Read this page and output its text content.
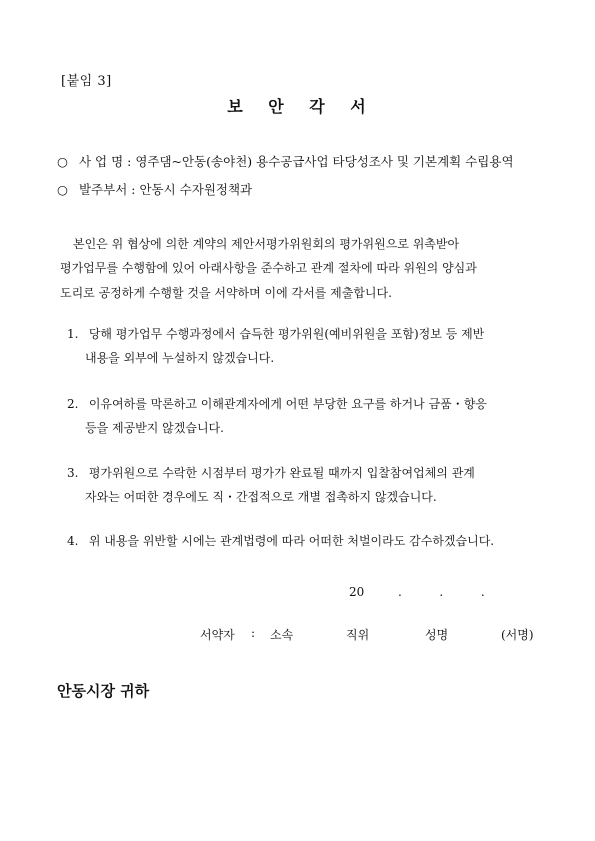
[붙임 3]
보 안 각 서
○ 사 업 명 : 영주댐~안동(송야천) 용수공급사업 타당성조사 및 기본계획 수립용역
○ 발주부서 : 안동시 수자원정책과
본인은 위 협상에 의한 계약의 제안서평가위원회의 평가위원으로 위촉받아
평가업무를 수행함에 있어 아래사항을 준수하고 관계 절차에 따라 위원의 양심과
도리로 공정하게 수행할 것을 서약하며 이에 각서를 제출합니다.
1. 당해 평가업무 수행과정에서 습득한 평가위원(예비위원을 포함)정보 등 제반
내용을 외부에 누설하지 않겠습니다.
2. 이유여하를 막론하고 이해관계자에게 어떤 부당한 요구를 하거나 금품・향응
등을 제공받지 않겠습니다.
3. 평가위원으로 수락한 시점부터 평가가 완료될 때까지 입찰참여업체의 관계
자와는 어떠한 경우에도 직・간접적으로 개별 접촉하지 않겠습니다.
4. 위 내용을 위반할 시에는 관계법령에 따라 어떠한 처벌이라도 감수하겠습니다.
20	.	.	.
서약자 : 소속	직위	성명	(서명)
안동시장 귀하
